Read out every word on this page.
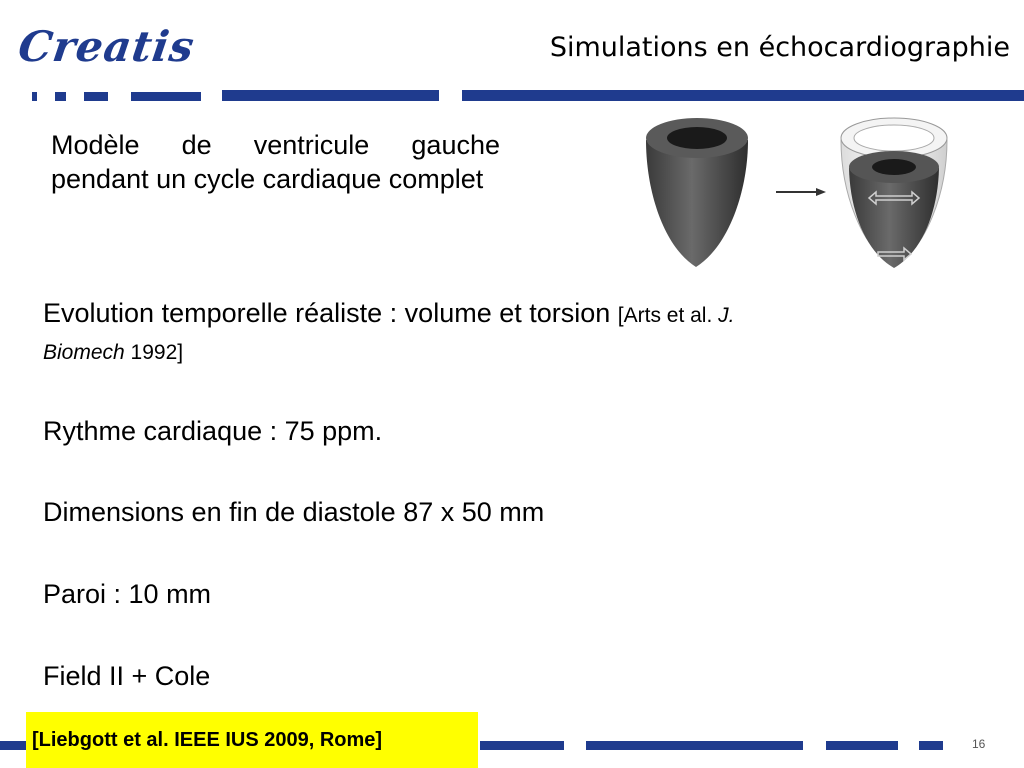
Creatis	Simulations en échocardiographie
Modèle de ventricule gauche pendant un cycle cardiaque complet
Evolution temporelle réaliste : volume et torsion [Arts et al. J.
Biomech 1992]
Rythme cardiaque : 75 ppm.
Dimensions en fin de diastole 87 x 50 mm
Paroi : 10 mm
Field II + Cole
[Liebgott et al. IEEE IUS 2009, Rome]	16
